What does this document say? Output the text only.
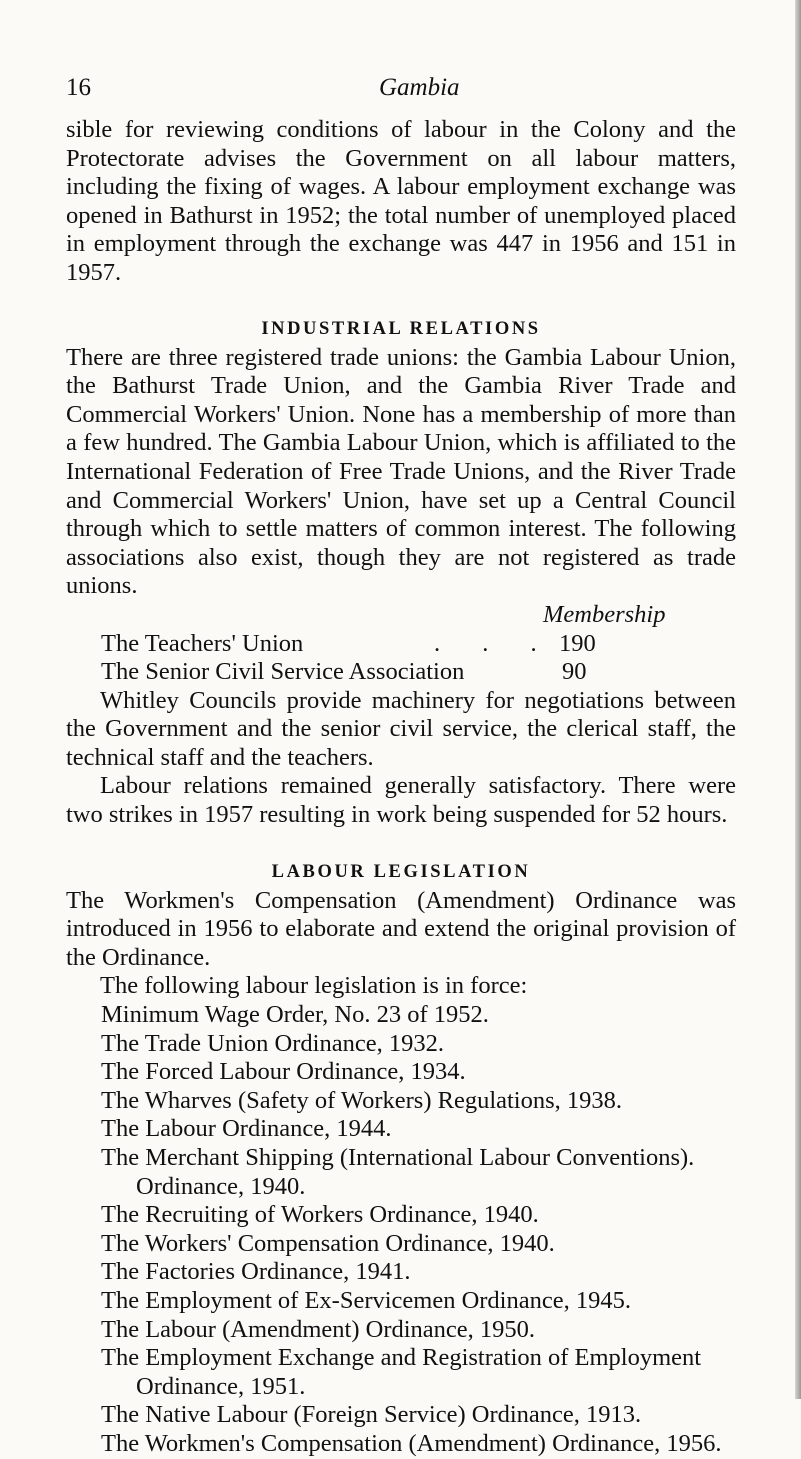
16	Gambia

sible for reviewing conditions of labour in the Colony and the Protectorate advises the Government on all labour matters, including the fixing of wages. A labour employment exchange was opened in Bathurst in 1952; the total number of unemployed placed in employment through the exchange was 447 in 1956 and 151 in 1957.

INDUSTRIAL RELATIONS

There are three registered trade unions: the Gambia Labour Union, the Bathurst Trade Union, and the Gambia River Trade and Commercial Workers' Union. None has a membership of more than a few hundred. The Gambia Labour Union, which is affiliated to the International Federation of Free Trade Unions, and the River Trade and Commercial Workers' Union, have set up a Central Council through which to settle matters of common interest. The following associations also exist, though they are not registered as trade unions.

Membership
The Teachers' Union	. . . 190
The Senior Civil Service Association	90

Whitley Councils provide machinery for negotiations between the Government and the senior civil service, the clerical staff, the technical staff and the teachers.

Labour relations remained generally satisfactory. There were two strikes in 1957 resulting in work being suspended for 52 hours.

LABOUR LEGISLATION

The Workmen's Compensation (Amendment) Ordinance was introduced in 1956 to elaborate and extend the original provision of the Ordinance.

The following labour legislation is in force:

Minimum Wage Order, No. 23 of 1952.
The Trade Union Ordinance, 1932.
The Forced Labour Ordinance, 1934.
The Wharves (Safety of Workers) Regulations, 1938.
The Labour Ordinance, 1944.
The Merchant Shipping (International Labour Conventions). Ordinance, 1940.
The Recruiting of Workers Ordinance, 1940.
The Workers' Compensation Ordinance, 1940.
The Factories Ordinance, 1941.
The Employment of Ex-Servicemen Ordinance, 1945.
The Labour (Amendment) Ordinance, 1950.
The Employment Exchange and Registration of Employment Ordinance, 1951.
The Native Labour (Foreign Service) Ordinance, 1913.
The Workmen's Compensation (Amendment) Ordinance, 1956.
